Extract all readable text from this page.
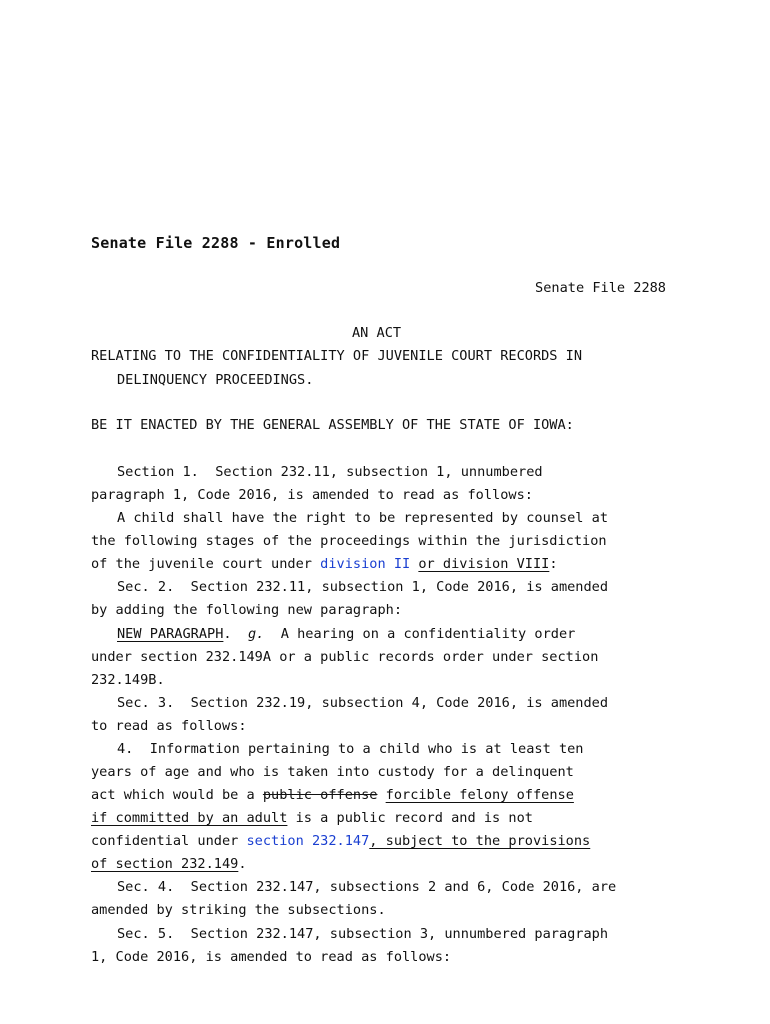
Senate File 2288 - Enrolled
Senate File 2288
AN ACT
RELATING TO THE CONFIDENTIALITY OF JUVENILE COURT RECORDS IN
DELINQUENCY PROCEEDINGS.
BE IT ENACTED BY THE GENERAL ASSEMBLY OF THE STATE OF IOWA:
Section 1.  Section 232.11, subsection 1, unnumbered
paragraph 1, Code 2016, is amended to read as follows:
A child shall have the right to be represented by counsel at
the following stages of the proceedings within the jurisdiction
of the juvenile court under division II or division VIII:
Sec. 2.  Section 232.11, subsection 1, Code 2016, is amended
by adding the following new paragraph:
NEW PARAGRAPH.  g.  A hearing on a confidentiality order
under section 232.149A or a public records order under section
232.149B.
Sec. 3.  Section 232.19, subsection 4, Code 2016, is amended
to read as follows:
4.  Information pertaining to a child who is at least ten
years of age and who is taken into custody for a delinquent
act which would be a public offense forcible felony offense
if committed by an adult is a public record and is not
confidential under section 232.147, subject to the provisions
of section 232.149.
Sec. 4.  Section 232.147, subsections 2 and 6, Code 2016, are
amended by striking the subsections.
Sec. 5.  Section 232.147, subsection 3, unnumbered paragraph
1, Code 2016, is amended to read as follows:
